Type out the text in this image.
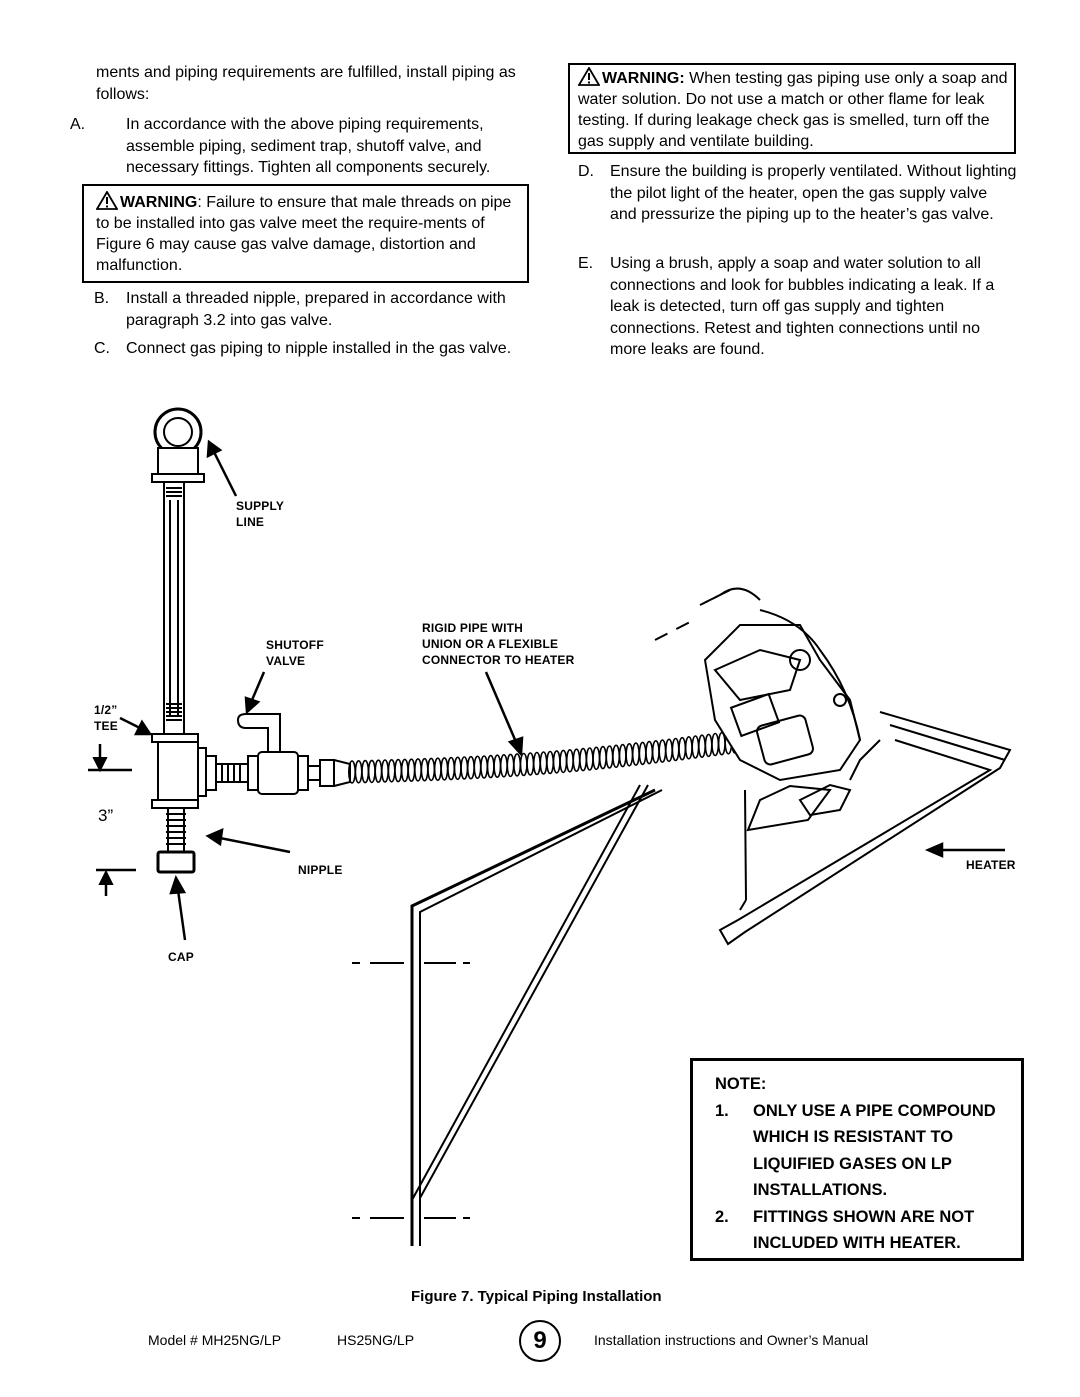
ments and piping requirements are fulfilled, install piping as follows:
A.	In accordance with the above piping requirements, assemble piping, sediment trap, shutoff valve, and necessary fittings. Tighten all components securely.
WARNING: Failure to ensure that male threads on pipe to be installed into gas valve meet the require-ments of Figure 6 may cause gas valve damage, distortion and malfunction.
B. Install a threaded nipple, prepared in accordance with paragraph 3.2 into gas valve.
C. Connect gas piping to nipple installed in the gas valve.
WARNING: When testing gas piping use only a soap and water solution. Do not use a match or other flame for leak testing. If during leakage check gas is smelled, turn off the gas supply and ventilate building.
D. Ensure the building is properly ventilated. Without lighting the pilot light of the heater, open the gas supply valve and pressurize the piping up to the heater’s gas valve.
E. Using a brush, apply a soap and water solution to all connections and look for bubbles indicating a leak. If a leak is detected, turn off gas supply and tighten connections. Retest and tighten connections until no more leaks are found.
SUPPLY
LINE
SHUTOFF
VALVE
RIGID PIPE WITH
UNION OR A FLEXIBLE
CONNECTOR TO HEATER
1/2”
TEE
3”
NIPPLE
CAP
HEATER
NOTE:
1. ONLY USE A PIPE COMPOUND WHICH IS RESISTANT TO LIQUIFIED GASES ON LP INSTALLATIONS.
2. FITTINGS SHOWN ARE NOT INCLUDED WITH HEATER.
Figure 7. Typical Piping Installation
Model # MH25NG/LP	HS25NG/LP	9	Installation instructions and Owner’s Manual
